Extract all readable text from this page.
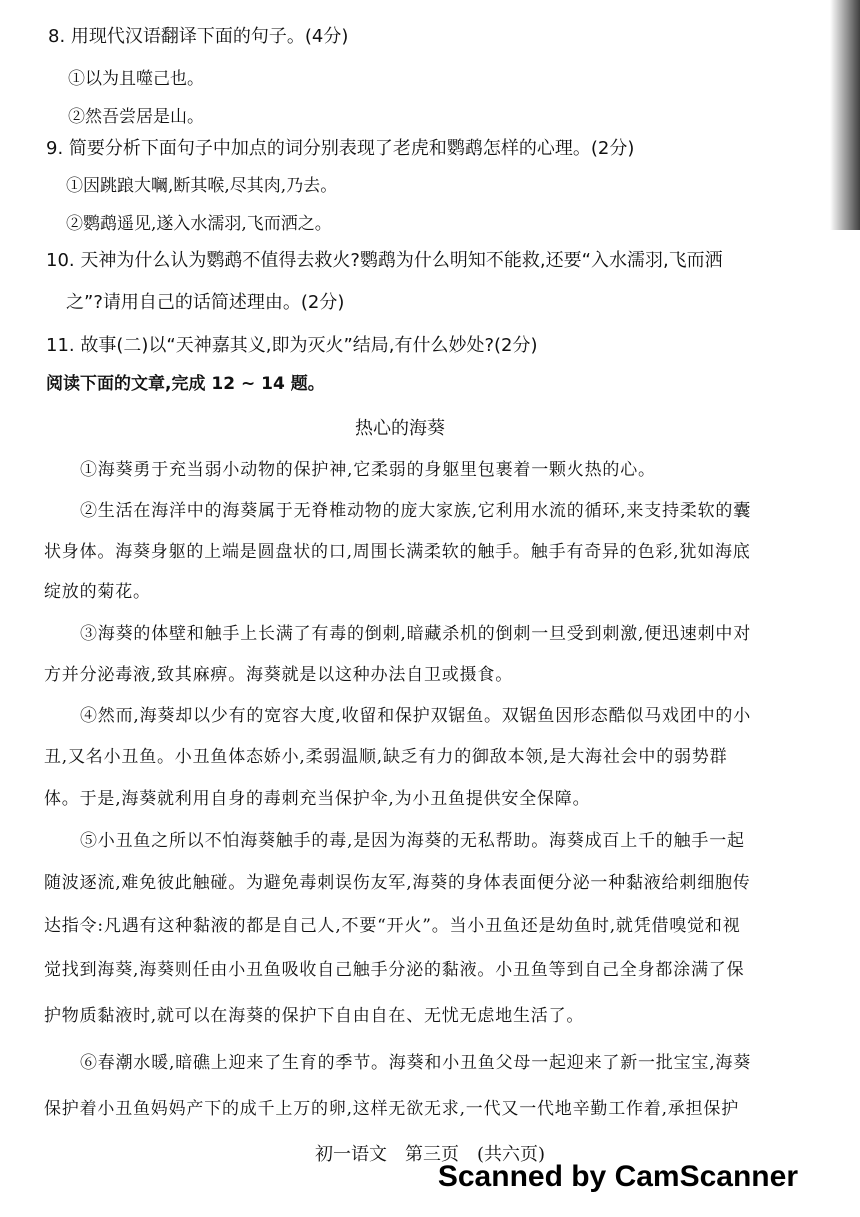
8. 用现代汉语翻译下面的句子。(4分)
①以为且噬己也。
②然吾尝居是山。
9. 简要分析下面句子中加点的词分别表现了老虎和鹦鹉怎样的心理。(2分)
①因跳踉大㘎,断其喉,尽其肉,乃去。
②鹦鹉遥见,遂入水濡羽,飞而洒之。
10. 天神为什么认为鹦鹉不值得去救火?鹦鹉为什么明知不能救,还要“入水濡羽,飞而洒
之”?请用自己的话简述理由。(2分)
11. 故事(二)以“天神嘉其义,即为灭火”结局,有什么妙处?(2分)
阅读下面的文章,完成 12 ~ 14 题。
热心的海葵
①海葵勇于充当弱小动物的保护神,它柔弱的身躯里包裹着一颗火热的心。
②生活在海洋中的海葵属于无脊椎动物的庞大家族,它利用水流的循环,来支持柔软的囊
状身体。海葵身躯的上端是圆盘状的口,周围长满柔软的触手。触手有奇异的色彩,犹如海底
绽放的菊花。
③海葵的体壁和触手上长满了有毒的倒刺,暗藏杀机的倒刺一旦受到刺激,便迅速刺中对
方并分泌毒液,致其麻痹。海葵就是以这种办法自卫或摄食。
④然而,海葵却以少有的宽容大度,收留和保护双锯鱼。双锯鱼因形态酷似马戏团中的小
丑,又名小丑鱼。小丑鱼体态娇小,柔弱温顺,缺乏有力的御敌本领,是大海社会中的弱势群
体。于是,海葵就利用自身的毒刺充当保护伞,为小丑鱼提供安全保障。
⑤小丑鱼之所以不怕海葵触手的毒,是因为海葵的无私帮助。海葵成百上千的触手一起
随波逐流,难免彼此触碰。为避免毒刺误伤友军,海葵的身体表面便分泌一种黏液给刺细胞传
达指令:凡遇有这种黏液的都是自己人,不要“开火”。当小丑鱼还是幼鱼时,就凭借嗅觉和视
觉找到海葵,海葵则任由小丑鱼吸收自己触手分泌的黏液。小丑鱼等到自己全身都涂满了保
护物质黏液时,就可以在海葵的保护下自由自在、无忧无虑地生活了。
⑥春潮水暖,暗礁上迎来了生育的季节。海葵和小丑鱼父母一起迎来了新一批宝宝,海葵
保护着小丑鱼妈妈产下的成千上万的卵,这样无欲无求,一代又一代地辛勤工作着,承担保护
初一语文　第三页　(共六页)
Scanned by CamScanner
